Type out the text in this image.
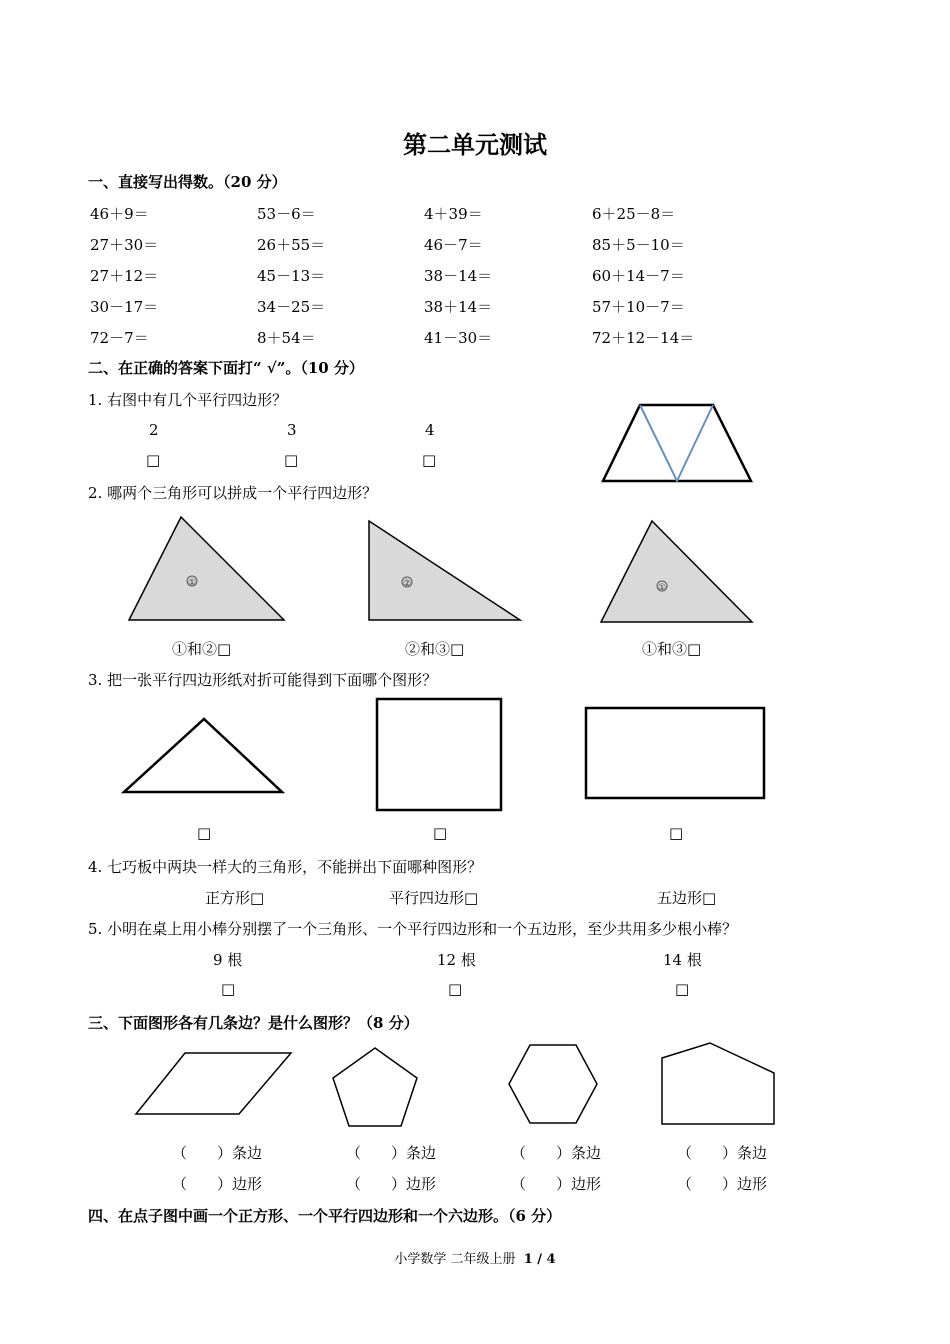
第二单元测试
一、直接写出得数。（20 分）
46＋9＝	53－6＝	4＋39＝	6＋25－8＝
27＋30＝	26＋55＝	46－7＝	85＋5－10＝
27＋12＝	45－13＝	38－14＝	60＋14－7＝
30－17＝	34－25＝	38＋14＝	57＋10－7＝
72－7＝	8＋54＝	41－30＝	72＋12－14＝
二、在正确的答案下面打“ √”。（10 分）
1. 右图中有几个平行四边形？
2	3	4
□	□	□
2. 哪两个三角形可以拼成一个平行四边形？
①	②	①
①和②□	②和③□	①和③□
3. 把一张平行四边形纸对折可能得到下面哪个图形？
□	□	□
4. 七巧板中两块一样大的三角形，不能拼出下面哪种图形？
正方形□	平行四边形□	五边形□
5. 小明在桌上用小棒分别摆了一个三角形、一个平行四边形和一个五边形，至少共用多少根小棒？
9 根	12 根	14 根
□	□	□
三、下面图形各有几条边？是什么图形？（8 分）
（　　）条边	（　　）条边	（　　）条边	（　　）条边
（　　）边形	（　　）边形	（　　）边形	（　　）边形
四、在点子图中画一个正方形、一个平行四边形和一个六边形。（6 分）
小学数学 二年级上册 1 / 4
